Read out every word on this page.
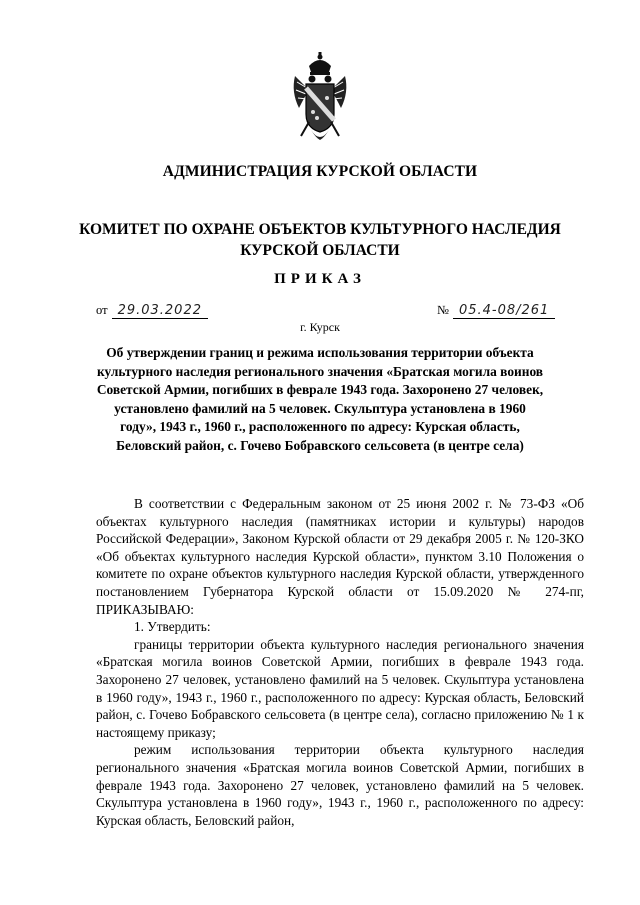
АДМИНИСТРАЦИЯ КУРСКОЙ ОБЛАСТИ
КОМИТЕТ ПО ОХРАНЕ ОБЪЕКТОВ КУЛЬТУРНОГО НАСЛЕДИЯ КУРСКОЙ ОБЛАСТИ
ПРИКАЗ
от 29.03.2022	№ 05.4-08/261
г. Курск
Об утверждении границ и режима использования территории объекта культурного наследия регионального значения «Братская могила воинов Советской Армии, погибших в феврале 1943 года. Захоронено 27 человек, установлено фамилий на 5 человек. Скульптура установлена в 1960 году», 1943 г., 1960 г., расположенного по адресу: Курская область, Беловский район, с. Гочево Бобравского сельсовета (в центре села)

В соответствии с Федеральным законом от 25 июня 2002 г. № 73-ФЗ «Об объектах культурного наследия (памятниках истории и культуры) народов Российской Федерации», Законом Курской области от 29 декабря 2005 г. № 120-ЗКО «Об объектах культурного наследия Курской области», пунктом 3.10 Положения о комитете по охране объектов культурного наследия Курской области, утвержденного постановлением Губернатора Курской области от 15.09.2020 № 274-пг, ПРИКАЗЫВАЮ:

1. Утвердить:

границы территории объекта культурного наследия регионального значения «Братская могила воинов Советской Армии, погибших в феврале 1943 года. Захоронено 27 человек, установлено фамилий на 5 человек. Скульптура установлена в 1960 году», 1943 г., 1960 г., расположенного по адресу: Курская область, Беловский район, с. Гочево Бобравского сельсовета (в центре села), согласно приложению № 1 к настоящему приказу;

режим использования территории объекта культурного наследия регионального значения «Братская могила воинов Советской Армии, погибших в феврале 1943 года. Захоронено 27 человек, установлено фамилий на 5 человек. Скульптура установлена в 1960 году», 1943 г., 1960 г., расположенного по адресу: Курская область, Беловский район,
